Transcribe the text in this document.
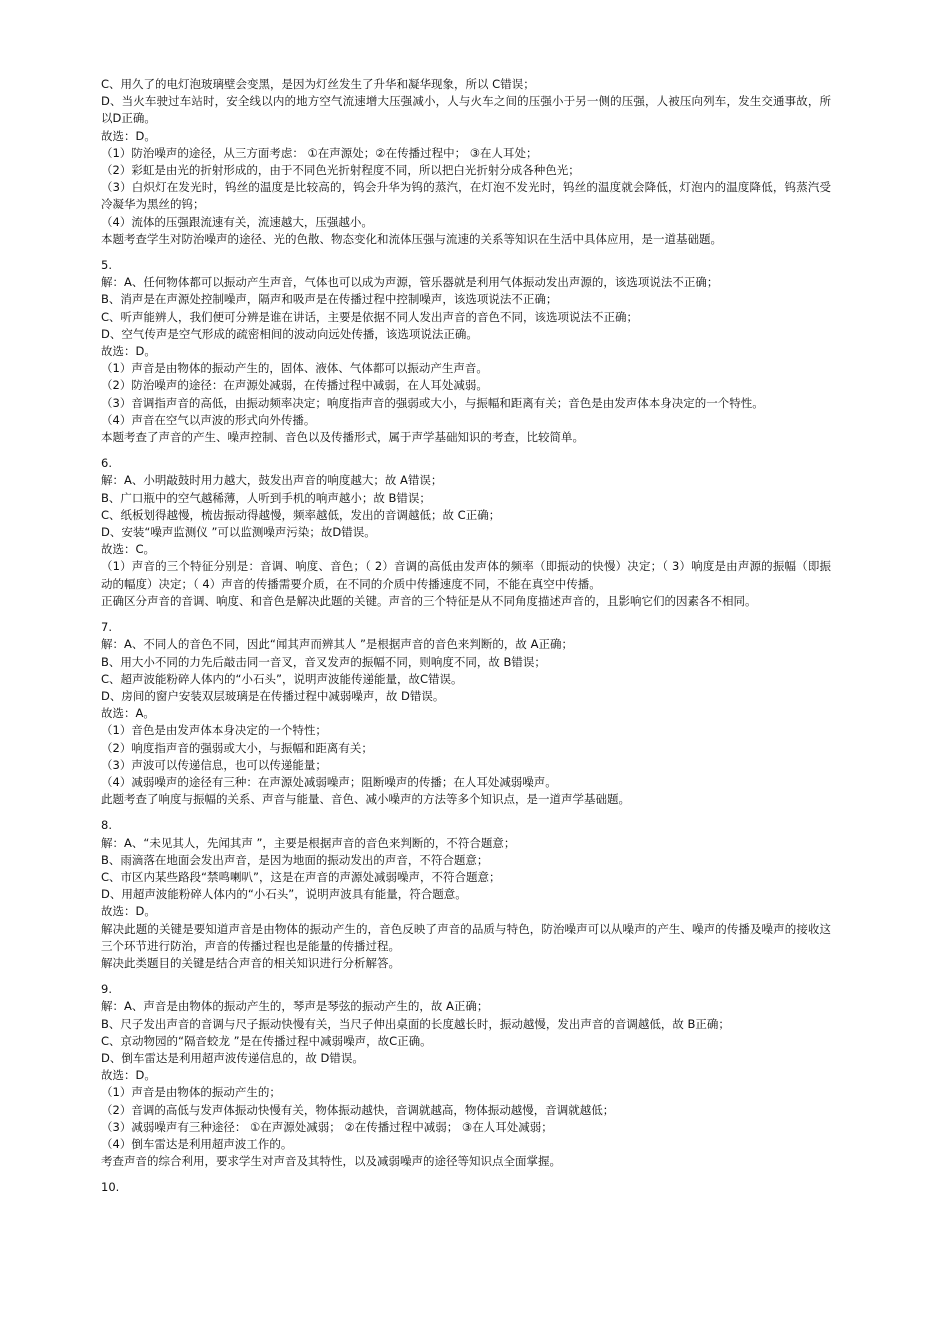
C、用久了的电灯泡玻璃壁会变黑，是因为灯丝发生了升华和凝华现象，所以 C错误；
D、当火车驶过车站时，安全线以内的地方空气流速增大压强减小，人与火车之间的压强小于另一侧的压强，人被压向列车，发生交通事故，所以D正确。
故选：D。
（1）防治噪声的途径，从三方面考虑： ①在声源处；②在传播过程中； ③在人耳处；
（2）彩虹是由光的折射形成的，由于不同色光折射程度不同，所以把白光折射分成各种色光；
（3）白炽灯在发光时，钨丝的温度是比较高的，钨会升华为钨的蒸汽，在灯泡不发光时，钨丝的温度就会降低，灯泡内的温度降低，钨蒸汽受冷凝华为黑丝的钨；
（4）流体的压强跟流速有关，流速越大，压强越小。
本题考查学生对防治噪声的途径、光的色散、物态变化和流体压强与流速的关系等知识在生活中具体应用，是一道基础题。
5.
解：A、任何物体都可以振动产生声音，气体也可以成为声源，管乐器就是利用气体振动发出声源的，该选项说法不正确；
B、消声是在声源处控制噪声，隔声和吸声是在传播过程中控制噪声，该选项说法不正确；
C、听声能辨人，我们便可分辨是谁在讲话，主要是依据不同人发出声音的音色不同，该选项说法不正确；
D、空气传声是空气形成的疏密相间的波动向远处传播，该选项说法正确。
故选：D。
（1）声音是由物体的振动产生的，固体、液体、气体都可以振动产生声音。
（2）防治噪声的途径：在声源处减弱，在传播过程中减弱，在人耳处减弱。
（3）音调指声音的高低，由振动频率决定；响度指声音的强弱或大小，与振幅和距离有关；音色是由发声体本身决定的一个特性。
（4）声音在空气以声波的形式向外传播。
本题考查了声音的产生、噪声控制、音色以及传播形式，属于声学基础知识的考查，比较简单。
6.
解：A、小明敲鼓时用力越大，鼓发出声音的响度越大；故 A错误；
B、广口瓶中的空气越稀薄，人听到手机的响声越小；故 B错误；
C、纸板划得越慢，梳齿振动得越慢，频率越低，发出的音调越低；故 C正确；
D、安装“噪声监测仪 ”可以监测噪声污染；故D错误。
故选：C。
（1）声音的三个特征分别是：音调、响度、音色；（ 2）音调的高低由发声体的频率（即振动的快慢）决定；（ 3）响度是由声源的振幅（即振动的幅度）决定；（ 4）声音的传播需要介质，在不同的介质中传播速度不同，不能在真空中传播。
正确区分声音的音调、响度、和音色是解决此题的关键。声音的三个特征是从不同角度描述声音的，且影响它们的因素各不相同。
7.
解：A、不同人的音色不同，因此“闻其声而辨其人 ”是根据声音的音色来判断的，故 A正确；
B、用大小不同的力先后敲击同一音叉，音叉发声的振幅不同，则响度不同，故 B错误；
C、超声波能粉碎人体内的“小石头”，说明声波能传递能量，故C错误。
D、房间的窗户安装双层玻璃是在传播过程中减弱噪声，故 D错误。
故选：A。
（1）音色是由发声体本身决定的一个特性；
（2）响度指声音的强弱或大小，与振幅和距离有关；
（3）声波可以传递信息，也可以传递能量；
（4）减弱噪声的途径有三种：在声源处减弱噪声；阻断噪声的传播；在人耳处减弱噪声。
此题考查了响度与振幅的关系、声音与能量、音色、减小噪声的方法等多个知识点，是一道声学基础题。
8.
解：A、“未见其人，先闻其声 ”，主要是根据声音的音色来判断的，不符合题意；
B、雨滴落在地面会发出声音，是因为地面的振动发出的声音，不符合题意；
C、市区内某些路段“禁鸣喇叭”，这是在声音的声源处减弱噪声，不符合题意；
D、用超声波能粉碎人体内的“小石头”，说明声波具有能量，符合题意。
故选：D。
解决此题的关键是要知道声音是由物体的振动产生的，音色反映了声音的品质与特色，防治噪声可以从噪声的产生、噪声的传播及噪声的接收这三个环节进行防治，声音的传播过程也是能量的传播过程。
解决此类题目的关键是结合声音的相关知识进行分析解答。
9.
解：A、声音是由物体的振动产生的，琴声是琴弦的振动产生的，故 A正确；
B、尺子发出声音的音调与尺子振动快慢有关，当尺子伸出桌面的长度越长时，振动越慢，发出声音的音调越低，故 B正确；
C、京动物园的“隔音蛟龙 ”是在传播过程中减弱噪声，故C正确。
D、倒车雷达是利用超声波传递信息的，故 D错误。
故选：D。
（1）声音是由物体的振动产生的；
（2）音调的高低与发声体振动快慢有关，物体振动越快，音调就越高，物体振动越慢，音调就越低；
（3）减弱噪声有三种途径： ①在声源处减弱； ②在传播过程中减弱； ③在人耳处减弱；
（4）倒车雷达是利用超声波工作的。
考查声音的综合利用，要求学生对声音及其特性，以及减弱噪声的途径等知识点全面掌握。
10.
